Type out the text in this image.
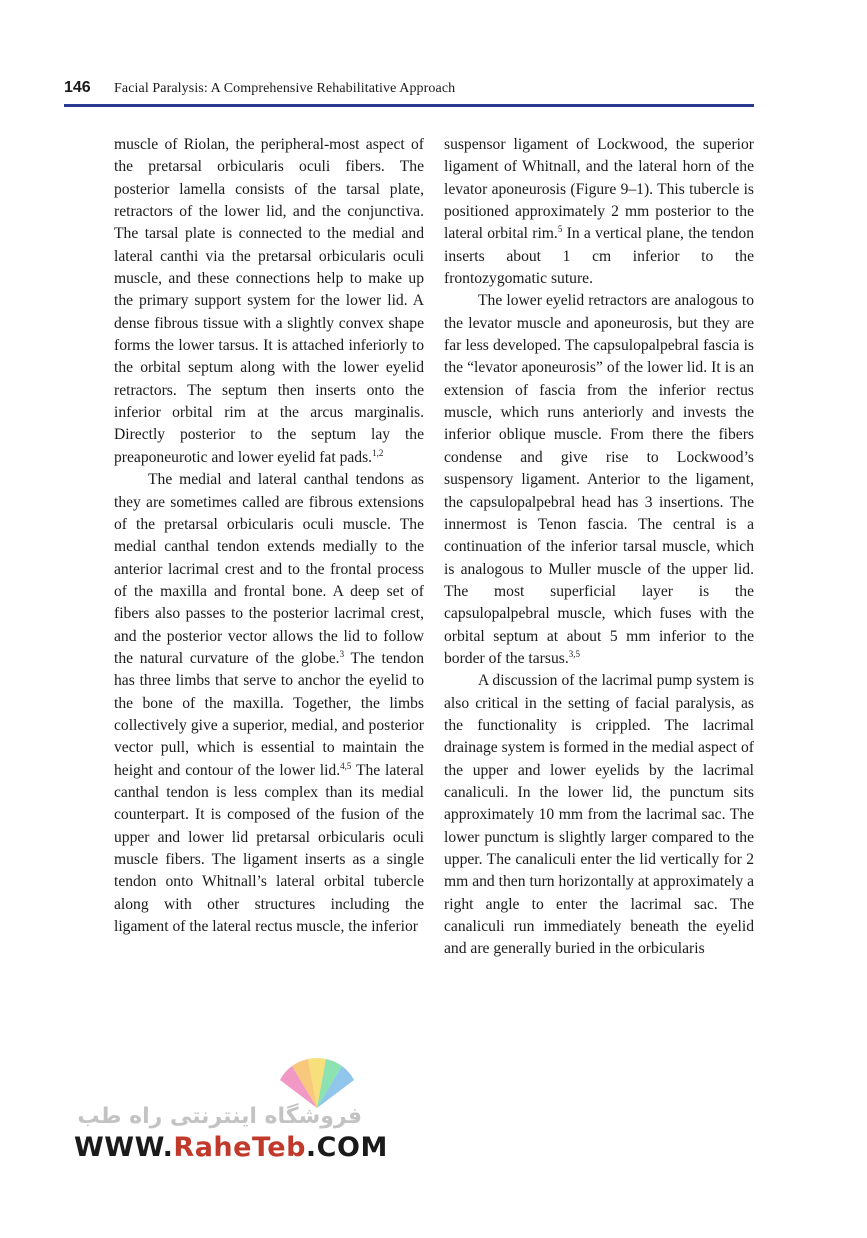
146 Facial Paralysis: A Comprehensive Rehabilitative Approach

muscle of Riolan, the peripheral-most aspect of the pretarsal orbicularis oculi fibers. The posterior lamella consists of the tarsal plate, retractors of the lower lid, and the conjunctiva. The tarsal plate is connected to the medial and lateral canthi via the pretarsal orbicularis oculi muscle, and these connections help to make up the primary support system for the lower lid. A dense fibrous tissue with a slightly convex shape forms the lower tarsus. It is attached inferiorly to the orbital septum along with the lower eyelid retractors. The septum then inserts onto the inferior orbital rim at the arcus marginalis. Directly posterior to the septum lay the preaponeurotic and lower eyelid fat pads.$^{1,2}$

The medial and lateral canthal tendons as they are sometimes called are fibrous extensions of the pretarsal orbicularis oculi muscle. The medial canthal tendon extends medially to the anterior lacrimal crest and to the frontal process of the maxilla and frontal bone. A deep set of fibers also passes to the posterior lacrimal crest, and the posterior vector allows the lid to follow the natural curvature of the globe.$^3$ The tendon has three limbs that serve to anchor the eyelid to the bone of the maxilla. Together, the limbs collectively give a superior, medial, and posterior vector pull, which is essential to maintain the height and contour of the lower lid.$^{4,5}$ The lateral canthal tendon is less complex than its medial counterpart. It is composed of the fusion of the upper and lower lid pretarsal orbicularis oculi muscle fibers. The ligament inserts as a single tendon onto Whitnall’s lateral orbital tubercle along with other structures including the ligament of the lateral rectus muscle, the inferior

suspensor ligament of Lockwood, the superior ligament of Whitnall, and the lateral horn of the levator aponeurosis (Figure 9–1). This tubercle is positioned approximately 2 mm posterior to the lateral orbital rim.$^5$ In a vertical plane, the tendon inserts about 1 cm inferior to the frontozygomatic suture.

The lower eyelid retractors are analogous to the levator muscle and aponeurosis, but they are far less developed. The capsulopalpebral fascia is the “levator aponeurosis” of the lower lid. It is an extension of fascia from the inferior rectus muscle, which runs anteriorly and invests the inferior oblique muscle. From there the fibers condense and give rise to Lockwood’s suspensory ligament. Anterior to the ligament, the capsulopalpebral head has 3 insertions. The innermost is Tenon fascia. The central is a continuation of the inferior tarsal muscle, which is analogous to Muller muscle of the upper lid. The most superficial layer is the capsulopalpebral muscle, which fuses with the orbital septum at about 5 mm inferior to the border of the tarsus.$^{3,5}$

A discussion of the lacrimal pump system is also critical in the setting of facial paralysis, as the functionality is crippled. The lacrimal drainage system is formed in the medial aspect of the upper and lower eyelids by the lacrimal canaliculi. In the lower lid, the punctum sits approximately 10 mm from the lacrimal sac. The lower punctum is slightly larger compared to the upper. The canaliculi enter the lid vertically for 2 mm and then turn horizontally at approximately a right angle to enter the lacrimal sac. The canaliculi run immediately beneath the eyelid and are generally buried in the orbicularis

فروشگاه اینترنتی راه طب
WWW.RaheTeb.COM
